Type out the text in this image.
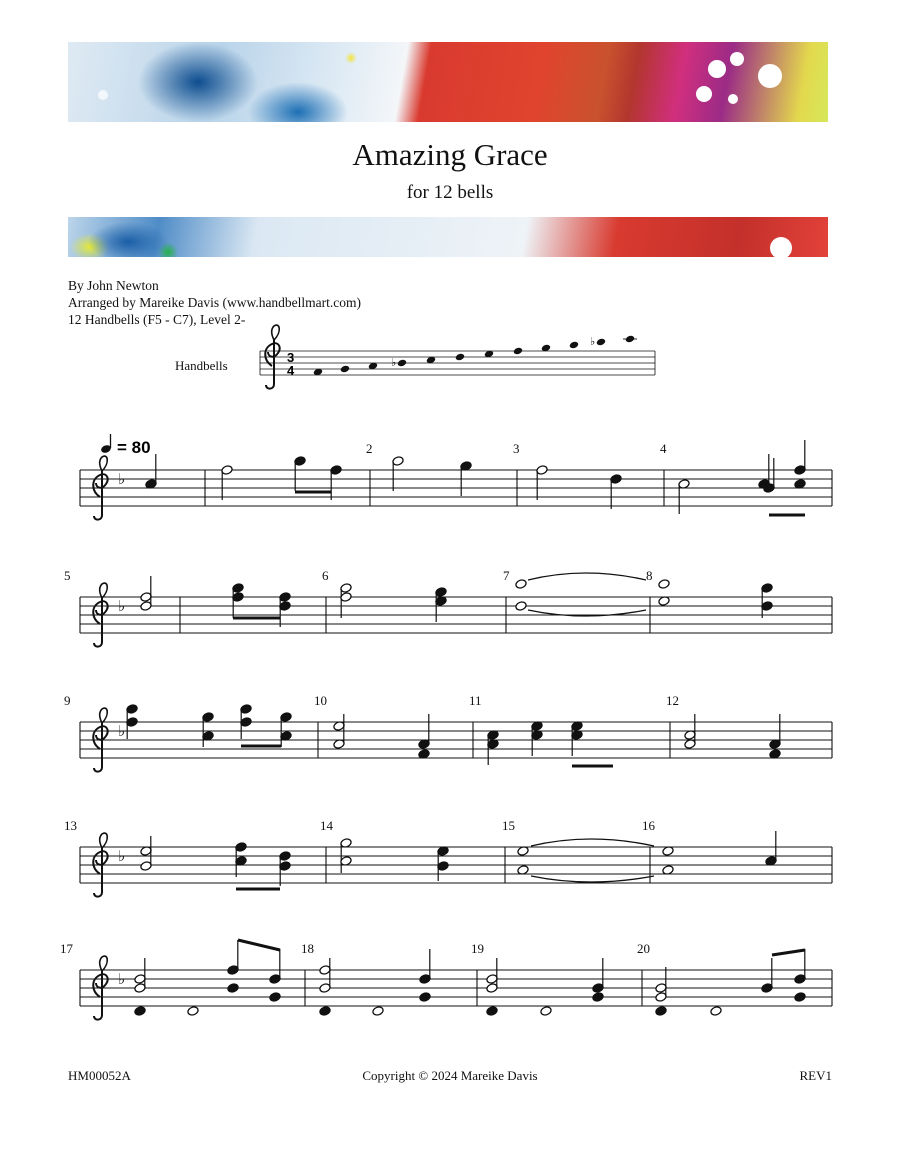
Amazing Grace
for 12 bells
By John Newton
Arranged by Mareike Davis (www.handbellmart.com)
12 Handbells (F5 - C7), Level 2-
HM00052A	Copyright © 2024 Mareike Davis	REV1
Handbells
3
4	♭
♭
♭
2	3	4
♭
5	6	7	8
♭
9	10	11	12
♭
13	14	15	16
♭
17	18	19	20
= 80
